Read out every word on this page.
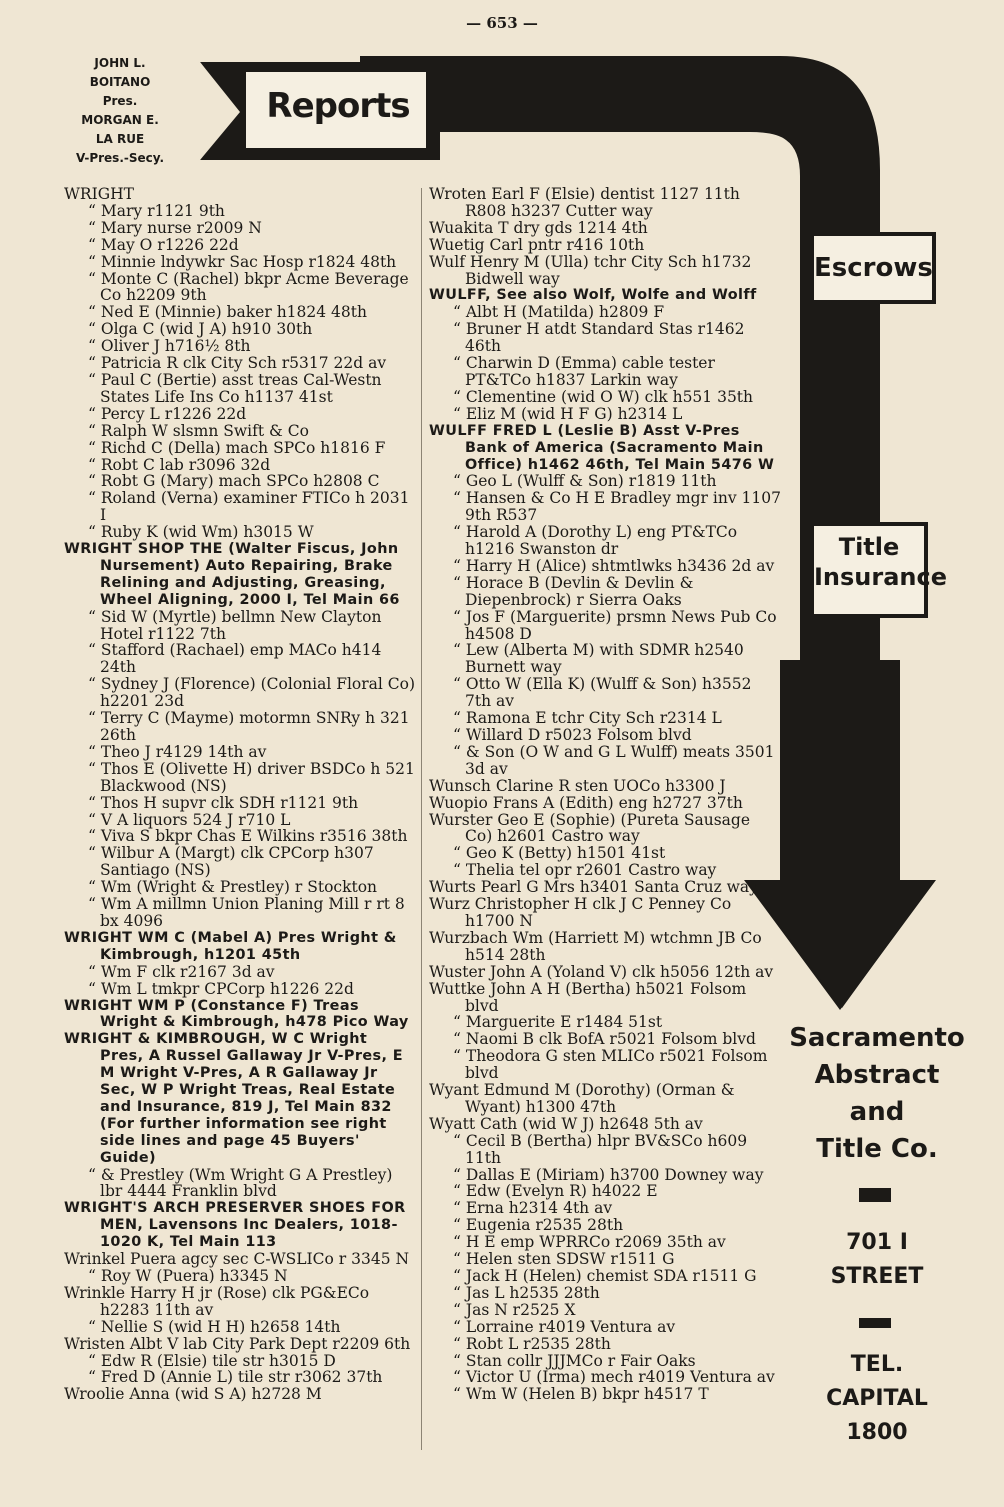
— 653 —
JOHN L.
BOITANO
Pres.
MORGAN E.
LA RUE
V-Pres.-Secy.
Reports
Escrows
Title
Insurance
Sacramento
Abstract
and
Title Co.
701 I
STREET
TEL.
CAPITAL
1800
WRIGHT
“ Mary r1121 9th
“ Mary nurse r2009 N
“ May O r1226 22d
“ Minnie lndywkr Sac Hosp r1824 48th
“ Monte C (Rachel) bkpr Acme Beverage Co h2209 9th
“ Ned E (Minnie) baker h1824 48th
“ Olga C (wid J A) h910 30th
“ Oliver J h716½ 8th
“ Patricia R clk City Sch r5317 22d av
“ Paul C (Bertie) asst treas Cal-Westn States Life Ins Co h1137 41st
“ Percy L r1226 22d
“ Ralph W slsmn Swift & Co
“ Richd C (Della) mach SPCo h1816 F
“ Robt C lab r3096 32d
“ Robt G (Mary) mach SPCo h2808 C
“ Roland (Verna) examiner FTICo h 2031 I
“ Ruby K (wid Wm) h3015 W
WRIGHT SHOP THE (Walter Fiscus, John Nursement) Auto Repairing, Brake Relining and Adjusting, Greasing, Wheel Aligning, 2000 I, Tel Main 66
“ Sid W (Myrtle) bellmn New Clayton Hotel r1122 7th
“ Stafford (Rachael) emp MACo h414 24th
“ Sydney J (Florence) (Colonial Floral Co) h2201 23d
“ Terry C (Mayme) motormn SNRy h 321 26th
“ Theo J r4129 14th av
“ Thos E (Olivette H) driver BSDCo h 521 Blackwood (NS)
“ Thos H supvr clk SDH r1121 9th
“ V A liquors 524 J r710 L
“ Viva S bkpr Chas E Wilkins r3516 38th
“ Wilbur A (Margt) clk CPCorp h307 Santiago (NS)
“ Wm (Wright & Prestley) r Stockton
“ Wm A millmn Union Planing Mill r rt 8 bx 4096
WRIGHT WM C (Mabel A) Pres Wright & Kimbrough, h1201 45th
“ Wm F clk r2167 3d av
“ Wm L tmkpr CPCorp h1226 22d
WRIGHT WM P (Constance F) Treas Wright & Kimbrough, h478 Pico Way
WRIGHT & KIMBROUGH, W C Wright Pres, A Russel Gallaway Jr V-Pres, E M Wright V-Pres, A R Gallaway Jr Sec, W P Wright Treas, Real Estate and Insurance, 819 J, Tel Main 832 (For further information see right side lines and page 45 Buyers' Guide)
“ & Prestley (Wm Wright G A Prestley) lbr 4444 Franklin blvd
WRIGHT'S ARCH PRESERVER SHOES FOR MEN, Lavensons Inc Dealers, 1018-1020 K, Tel Main 113
Wrinkel Puera agcy sec C-WSLICo r 3345 N
“ Roy W (Puera) h3345 N
Wrinkle Harry H jr (Rose) clk PG&ECo h2283 11th av
“ Nellie S (wid H H) h2658 14th
Wristen Albt V lab City Park Dept r2209 6th
“ Edw R (Elsie) tile str h3015 D
“ Fred D (Annie L) tile str r3062 37th
Wroolie Anna (wid S A) h2728 M
Wroten Earl F (Elsie) dentist 1127 11th R808 h3237 Cutter way
Wuakita T dry gds 1214 4th
Wuetig Carl pntr r416 10th
Wulf Henry M (Ulla) tchr City Sch h1732 Bidwell way
WULFF, See also Wolf, Wolfe and Wolff
“ Albt H (Matilda) h2809 F
“ Bruner H atdt Standard Stas r1462 46th
“ Charwin D (Emma) cable tester PT&TCo h1837 Larkin way
“ Clementine (wid O W) clk h551 35th
“ Eliz M (wid H F G) h2314 L
WULFF FRED L (Leslie B) Asst V-Pres Bank of America (Sacramento Main Office) h1462 46th, Tel Main 5476 W
“ Geo L (Wulff & Son) r1819 11th
“ Hansen & Co H E Bradley mgr inv 1107 9th R537
“ Harold A (Dorothy L) eng PT&TCo h1216 Swanston dr
“ Harry H (Alice) shtmtlwks h3436 2d av
“ Horace B (Devlin & Devlin & Diepenbrock) r Sierra Oaks
“ Jos F (Marguerite) prsmn News Pub Co h4508 D
“ Lew (Alberta M) with SDMR h2540 Burnett way
“ Otto W (Ella K) (Wulff & Son) h3552 7th av
“ Ramona E tchr City Sch r2314 L
“ Willard D r5023 Folsom blvd
“ & Son (O W and G L Wulff) meats 3501 3d av
Wunsch Clarine R sten UOCo h3300 J
Wuopio Frans A (Edith) eng h2727 37th
Wurster Geo E (Sophie) (Pureta Sausage Co) h2601 Castro way
“ Geo K (Betty) h1501 41st
“ Thelia tel opr r2601 Castro way
Wurts Pearl G Mrs h3401 Santa Cruz way
Wurz Christopher H clk J C Penney Co h1700 N
Wurzbach Wm (Harriett M) wtchmn JB Co h514 28th
Wuster John A (Yoland V) clk h5056 12th av
Wuttke John A H (Bertha) h5021 Folsom blvd
“ Marguerite E r1484 51st
“ Naomi B clk BofA r5021 Folsom blvd
“ Theodora G sten MLICo r5021 Folsom blvd
Wyant Edmund M (Dorothy) (Orman & Wyant) h1300 47th
Wyatt Cath (wid W J) h2648 5th av
“ Cecil B (Bertha) hlpr BV&SCo h609 11th
“ Dallas E (Miriam) h3700 Downey way
“ Edw (Evelyn R) h4022 E
“ Erna h2314 4th av
“ Eugenia r2535 28th
“ H E emp WPRRCo r2069 35th av
“ Helen sten SDSW r1511 G
“ Jack H (Helen) chemist SDA r1511 G
“ Jas L h2535 28th
“ Jas N r2525 X
“ Lorraine r4019 Ventura av
“ Robt L r2535 28th
“ Stan collr JJJMCo r Fair Oaks
“ Victor U (Irma) mech r4019 Ventura av
“ Wm W (Helen B) bkpr h4517 T
